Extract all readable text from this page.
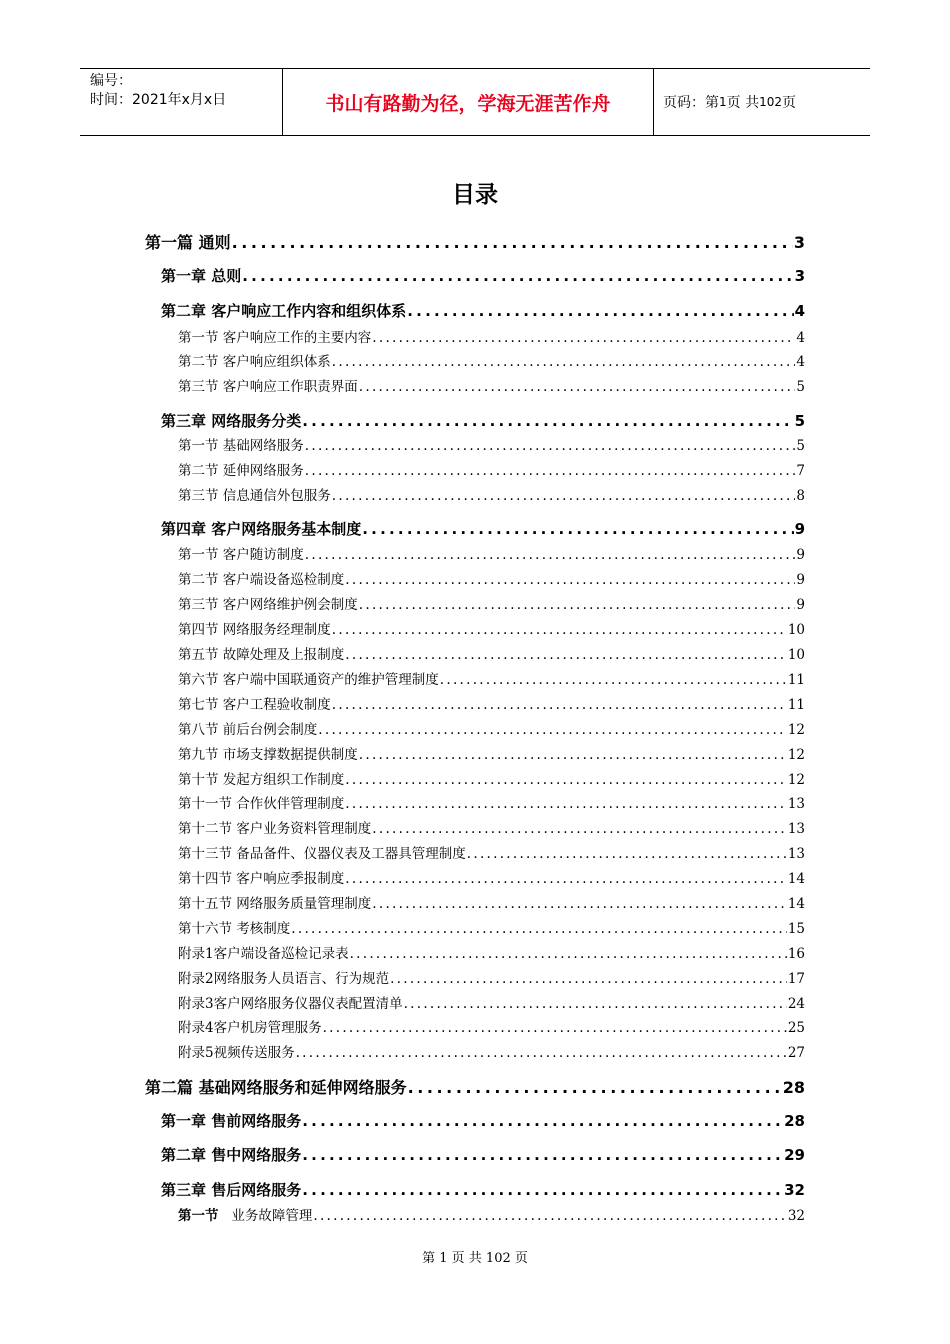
编号：
时间：2021年x月x日	书山有路勤为径，学海无涯苦作舟	页码：第 1 页 共 102 页
目录
第一篇 通则 . . .	3
第一章 总则 . . .	3
第二章 客户响应工作内容和组织体系 . . .	4
第一节 客户响应工作的主要内容 . . .	4
第二节 客户响应组织体系 . . .	4
第三节 客户响应工作职责界面 . . .	5
第三章 网络服务分类 . . .	5
第一节 基础网络服务 . . .	5
第二节 延伸网络服务 . . .	7
第三节 信息通信外包服务 . . .	8
第四章 客户网络服务基本制度 . . .	9
第一节 客户随访制度 . . .	9
第二节 客户端设备巡检制度 . . .	9
第三节 客户网络维护例会制度 . . .	9
第四节 网络服务经理制度 . . .	10
第五节 故障处理及上报制度 . . .	10
第六节 客户端中国联通资产的维护管理制度 . . .	11
第七节 客户工程验收制度 . . .	11
第八节 前后台例会制度 . . .	12
第九节 市场支撑数据提供制度 . . .	12
第十节 发起方组织工作制度 . . .	12
第十一节 合作伙伴管理制度 . . .	13
第十二节 客户业务资料管理制度 . . .	13
第十三节 备品备件、仪器仪表及工器具管理制度 . . .	13
第十四节 客户响应季报制度 . . .	14
第十五节 网络服务质量管理制度 . . .	14
第十六节 考核制度 . . .	15
附录1客户端设备巡检记录表 . . .	16
附录2网络服务人员语言、行为规范 . . .	17
附录3客户网络服务仪器仪表配置清单 . . .	24
附录4客户机房管理服务 . . .	25
附录5视频传送服务 . . .	27
第二篇 基础网络服务和延伸网络服务 . . .	28
第一章 售前网络服务 . . .	28
第二章 售中网络服务 . . .	29
第三章 售后网络服务 . . .	32
第一节   业务故障管理 . . .	32
第 1 页 共 102 页
